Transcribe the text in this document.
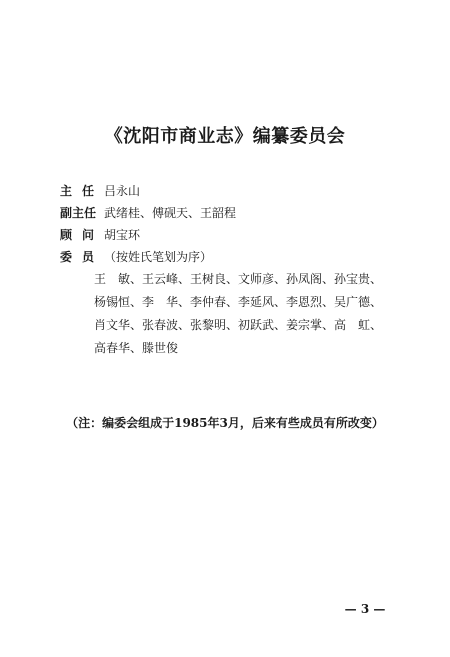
《沈阳市商业志》编纂委员会
主任 吕永山
副主任 武绪桂、傅砚天、王韶程
顾问 胡宝环
委员 （按姓氏笔划为序）
王　敏、王云峰、王树良、文师彦、孙凤阁、孙宝贵、
杨锡恒、李　华、李仲春、李延风、李恩烈、吴广德、
肖文华、张春波、张黎明、初跃武、姜宗掌、高　虹、
高春华、滕世俊
（注：编委会组成于1985年3月，后来有些成员有所改变）
— 3 —
